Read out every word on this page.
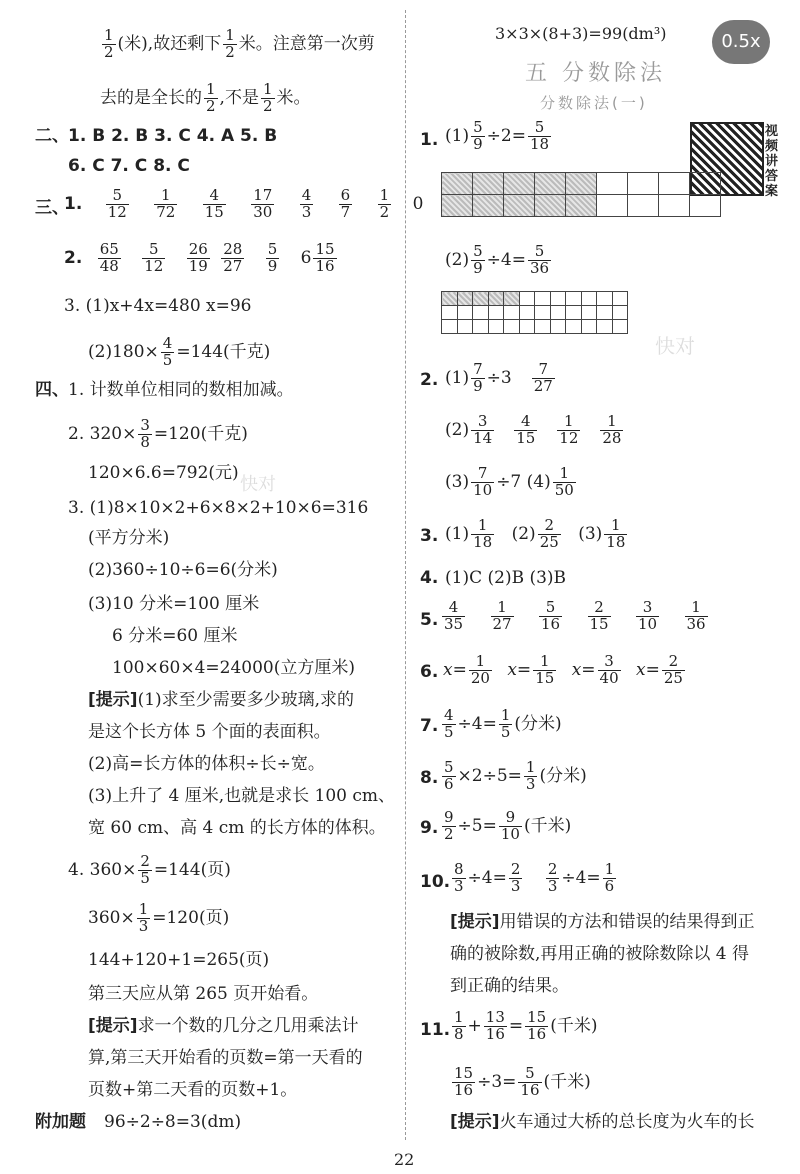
0.5x
视频讲答案
快对
快对
$\frac{1}{2}$ (米),故还剩下 $\frac{1}{2}$ 米。注意第一次剪
去的是全长的 $\frac{1}{2}$ ,不是 $\frac{1}{2}$ 米。
二、 1. B 2. B 3. C 4. A 5. B
6. C 7. C 8. C
三、
1. $\frac{5}{12}$
$\frac{1}{72}$
$\frac{4}{15}$
$\frac{17}{30}$
$\frac{4}{3}$
$\frac{6}{7}$
$\frac{1}{2} 0$
2. $\frac{65}{48}$
$\frac{5}{12}$
$\frac{26}{19}$
$\frac{28}{27}$
$\frac{5}{9} 6 \frac{15}{16}$
3. (1)x+4x=480 x=96
$(2)180\times \frac{4}{5} =144$(千克)
四、 1. 计数单位相同的数相加减。
2. $320\times \frac{3}{8} =120$(千克)
120×6.6=792(元)
3. (1)8×10×2+6×8×2+10×6=316
(平方分米)
(2)360÷10÷6=6(分米)
(3)10 分米=100 厘米
6 分米=60 厘米
100×60×4=24000(立方厘米)
[ 提示 ] (1)求至少需要多少玻璃,求的
是这个长方体 5 个面的表面积。
(2)高=长方体的体积÷长÷宽。
(3)上升了 4 厘米,也就是求长 100 cm、
宽 60 cm、高 4 cm 的长方体的体积。
4. $360\times \frac{2}{5} =144$(页)
$360\times \frac{1}{3} =120$(页)
144+120+1=265(页)
第三天应从第 265 页开始看。
[ 提示 ] 求一个数的几分之几用乘法计
算,第三天开始看的页数=第一天看的
页数+第二天看的页数+1。
附加题 96÷2÷8=3(dm)
3×3×(8+3)=99(dm³)
五 分数除法
分数除法(一)
1. $(1) \frac{5}{9} \div 2= \frac{5}{18}$

$(2) \frac{5}{9} \div 4= \frac{5}{36}$

2. $(1) \frac{7}{9} \div 3 \frac{7}{27}$
$(2) \frac{3}{14} \frac{4}{15} \frac{1}{12} \frac{1}{28}$
$(3) \frac{7}{10} \div 7$ $(4) \frac{1}{50}$
3. $(1) \frac{1}{18} (2) \frac{2}{25} (3) \frac{1}{18}$
4. (1)C (2)B (3)B
5. $\frac{4}{35}$
$\frac{1}{27}$
$\frac{5}{16}$
$\frac{2}{15}$
$\frac{3}{10}$
$\frac{1}{36}$
6. $x= \frac{1}{20} x= \frac{1}{15} x= \frac{3}{40} x= \frac{2}{25}$
7. $\frac{4}{5} \div 4= \frac{1}{5}$ (分米)
8. $\frac{5}{6} \times 2\div 5= \frac{1}{3}$ (分米)
9. $\frac{9}{2} \div 5= \frac{9}{10}$ (千米)
10. $\frac{8}{3} \div 4= \frac{2}{3}$
$\frac{2}{3} \div 4= \frac{1}{6}$
[ 提示 ] 用错误的方法和错误的结果得到正
确的被除数,再用正确的被除数除以 4 得
到正确的结果。
11. $\frac{1}{8} + \frac{13}{16} = \frac{15}{16}$ (千米)
$\frac{15}{16} \div 3= \frac{5}{16}$ (千米)
[ 提示 ] 火车通过大桥的总长度为火车的长
22
